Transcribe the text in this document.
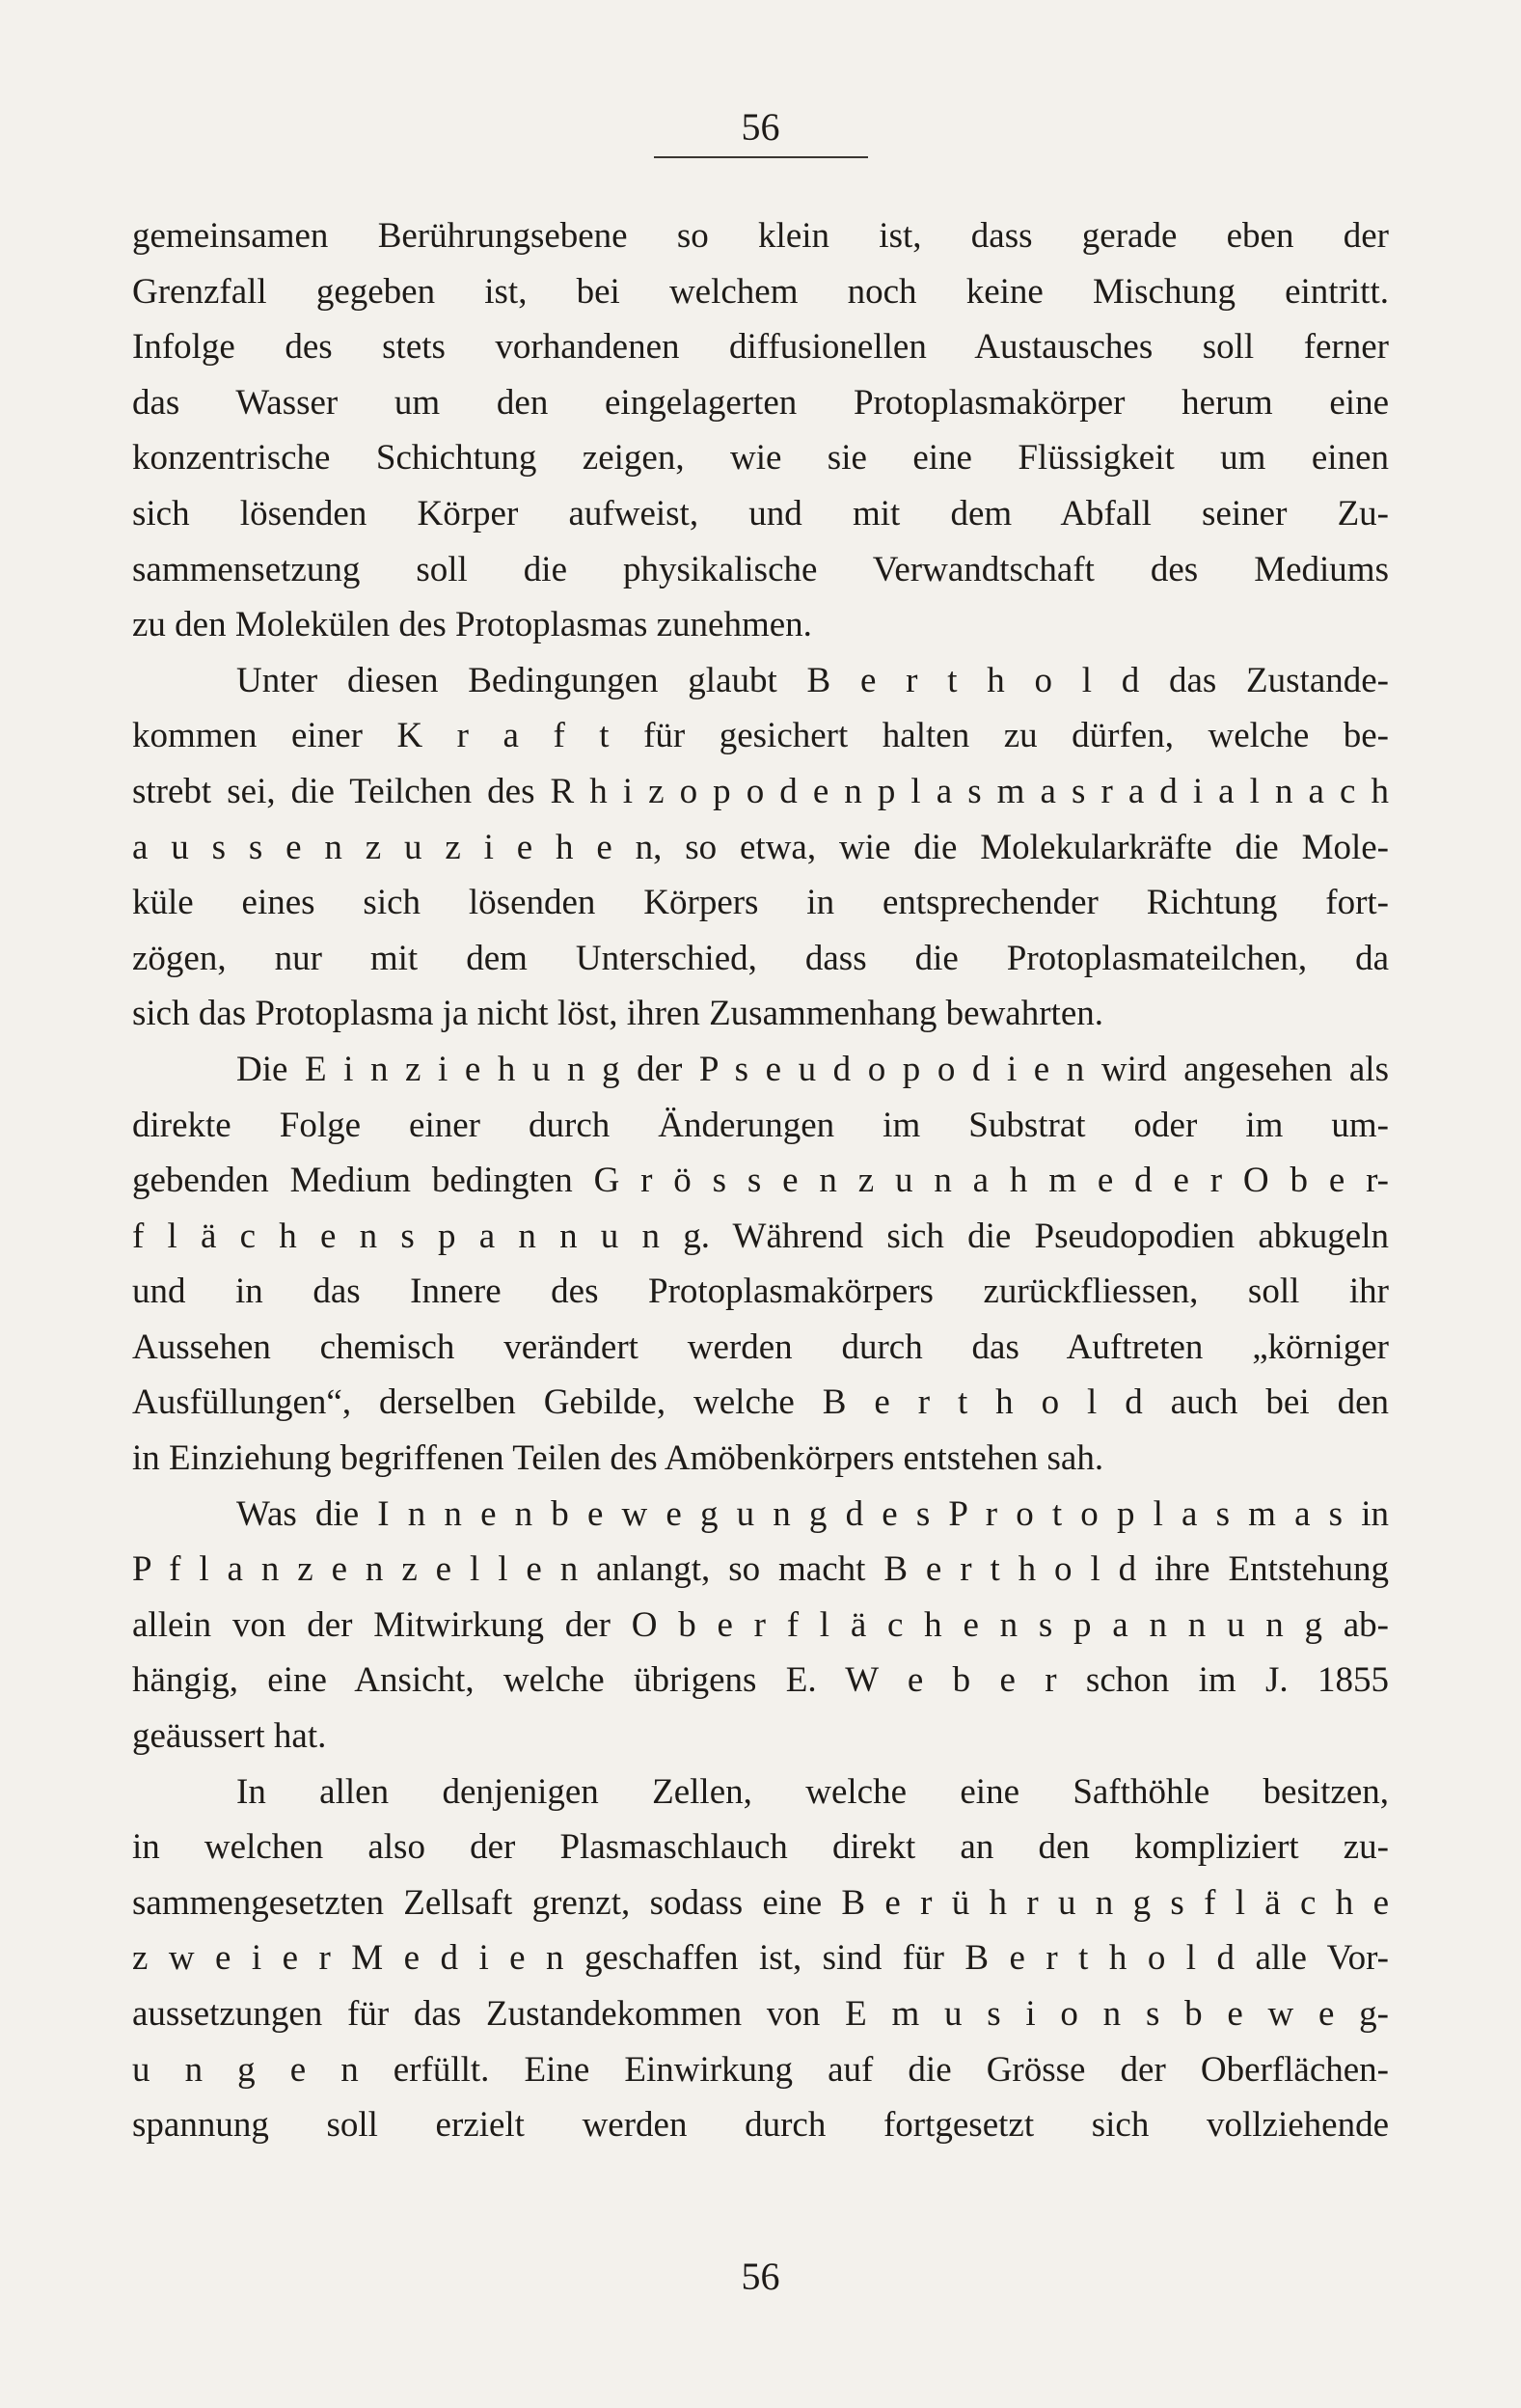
56
gemeinsamen Berührungsebene so klein ist, dass gerade eben der
Grenzfall gegeben ist, bei welchem noch keine Mischung eintritt.
Infolge des stets vorhandenen diffusionellen Austausches soll ferner
das Wasser um den eingelagerten Protoplasmakörper herum eine
konzentrische Schichtung zeigen, wie sie eine Flüssigkeit um einen
sich lösenden Körper aufweist, und mit dem Abfall seiner Zu-
sammensetzung soll die physikalische Verwandtschaft des Mediums
zu den Molekülen des Protoplasmas zunehmen.
Unter diesen Bedingungen glaubt B e r t h o l d das Zustande-
kommen einer K r a f t für gesichert halten zu dürfen, welche be-
strebt sei, die Teilchen des R h i z o p o d e n p l a s m a s r a d i a l n a c h
a u s s e n z u z i e h e n, so etwa, wie die Molekularkräfte die Mole-
küle eines sich lösenden Körpers in entsprechender Richtung fort-
zögen, nur mit dem Unterschied, dass die Protoplasmateilchen, da
sich das Protoplasma ja nicht löst, ihren Zusammenhang bewahrten.
Die E i n z i e h u n g der P s e u d o p o d i e n wird angesehen als
direkte Folge einer durch Änderungen im Substrat oder im um-
gebenden Medium bedingten G r ö s s e n z u n a h m e d e r O b e r-
f l ä c h e n s p a n n u n g. Während sich die Pseudopodien abkugeln
und in das Innere des Protoplasmakörpers zurückfliessen, soll ihr
Aussehen chemisch verändert werden durch das Auftreten „körniger
Ausfüllungen“, derselben Gebilde, welche B e r t h o l d auch bei den
in Einziehung begriffenen Teilen des Amöbenkörpers entstehen sah.
Was die I n n e n b e w e g u n g d e s P r o t o p l a s m a s in
P f l a n z e n z e l l e n anlangt, so macht B e r t h o l d ihre Entstehung
allein von der Mitwirkung der O b e r f l ä c h e n s p a n n u n g ab-
hängig, eine Ansicht, welche übrigens E. W e b e r schon im J. 1855
geäussert hat.
In allen denjenigen Zellen, welche eine Safthöhle besitzen,
in welchen also der Plasmaschlauch direkt an den kompliziert zu-
sammengesetzten Zellsaft grenzt, sodass eine B e r ü h r u n g s f l ä c h e
z w e i e r M e d i e n geschaffen ist, sind für B e r t h o l d alle Vor-
aussetzungen für das Zustandekommen von E m u s i o n s b e w e g-
u n g e n erfüllt. Eine Einwirkung auf die Grösse der Oberflächen-
spannung soll erzielt werden durch fortgesetzt sich vollziehende
56
